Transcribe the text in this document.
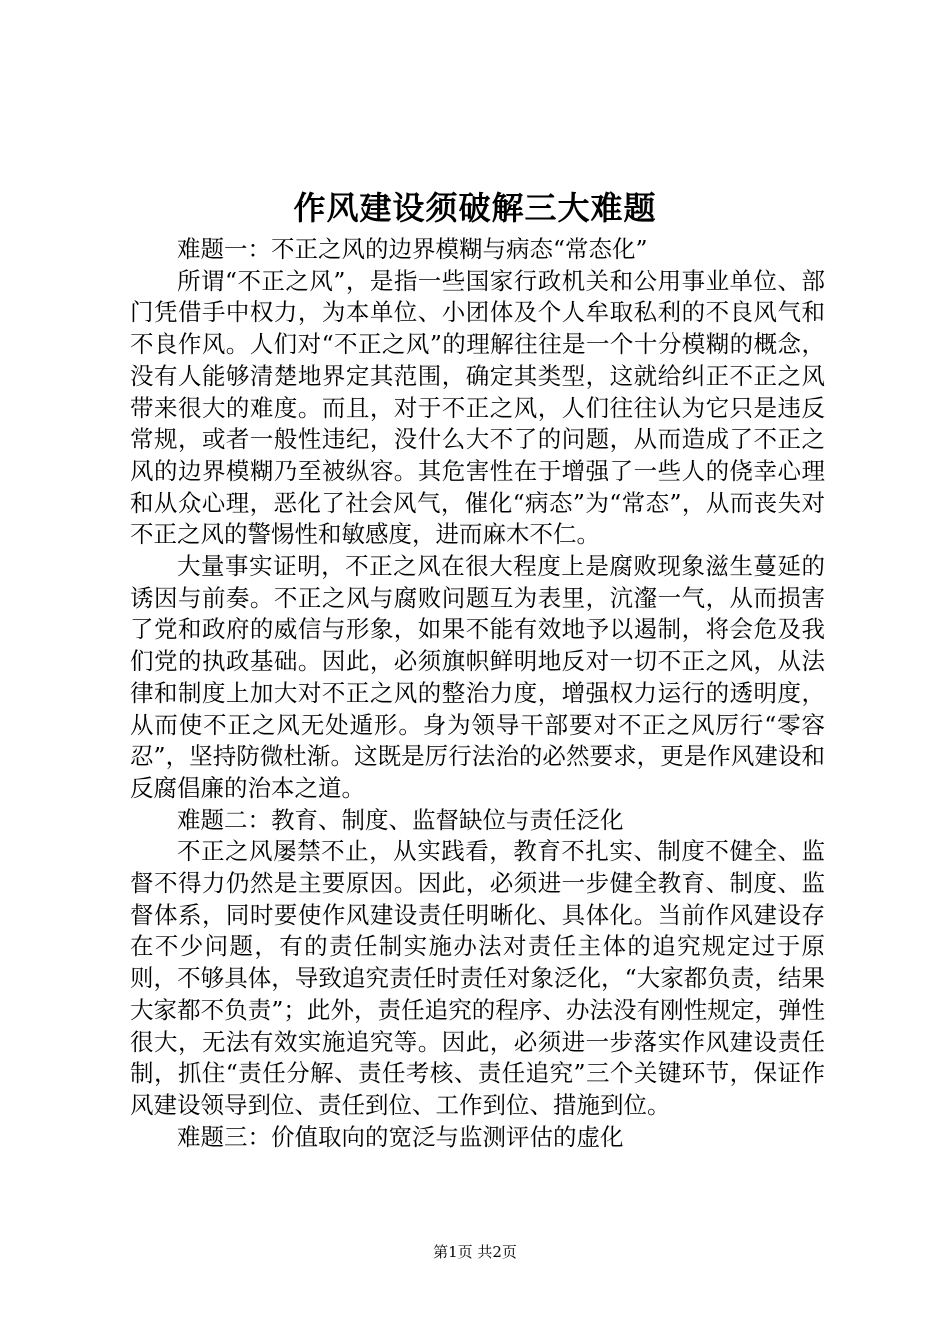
作风建设须破解三大难题

难题一：不正之风的边界模糊与病态“常态化”

所谓“不正之风”，是指一些国家行政机关和公用事业单位、部门凭借手中权力，为本单位、小团体及个人牟取私利的不良风气和不良作风。人们对“不正之风”的理解往往是一个十分模糊的概念，没有人能够清楚地界定其范围，确定其类型，这就给纠正不正之风带来很大的难度。而且，对于不正之风，人们往往认为它只是违反常规，或者一般性违纪，没什么大不了的问题，从而造成了不正之风的边界模糊乃至被纵容。其危害性在于增强了一些人的侥幸心理和从众心理，恶化了社会风气，催化“病态”为“常态”，从而丧失对不正之风的警惕性和敏感度，进而麻木不仁。

大量事实证明，不正之风在很大程度上是腐败现象滋生蔓延的诱因与前奏。不正之风与腐败问题互为表里，沆瀣一气，从而损害了党和政府的威信与形象，如果不能有效地予以遏制，将会危及我们党的执政基础。因此，必须旗帜鲜明地反对一切不正之风，从法律和制度上加大对不正之风的整治力度，增强权力运行的透明度，从而使不正之风无处遁形。身为领导干部要对不正之风厉行“零容忍”，坚持防微杜渐。这既是厉行法治的必然要求，更是作风建设和反腐倡廉的治本之道。

难题二：教育、制度、监督缺位与责任泛化

不正之风屡禁不止，从实践看，教育不扎实、制度不健全、监督不得力仍然是主要原因。因此，必须进一步健全教育、制度、监督体系，同时要使作风建设责任明晰化、具体化。当前作风建设存在不少问题，有的责任制实施办法对责任主体的追究规定过于原则，不够具体，导致追究责任时责任对象泛化，“大家都负责，结果大家都不负责”；此外，责任追究的程序、办法没有刚性规定，弹性很大，无法有效实施追究等。因此，必须进一步落实作风建设责任制，抓住“责任分解、责任考核、责任追究”三个关键环节，保证作风建设领导到位、责任到位、工作到位、措施到位。

难题三：价值取向的宽泛与监测评估的虚化

第1页 共2页
